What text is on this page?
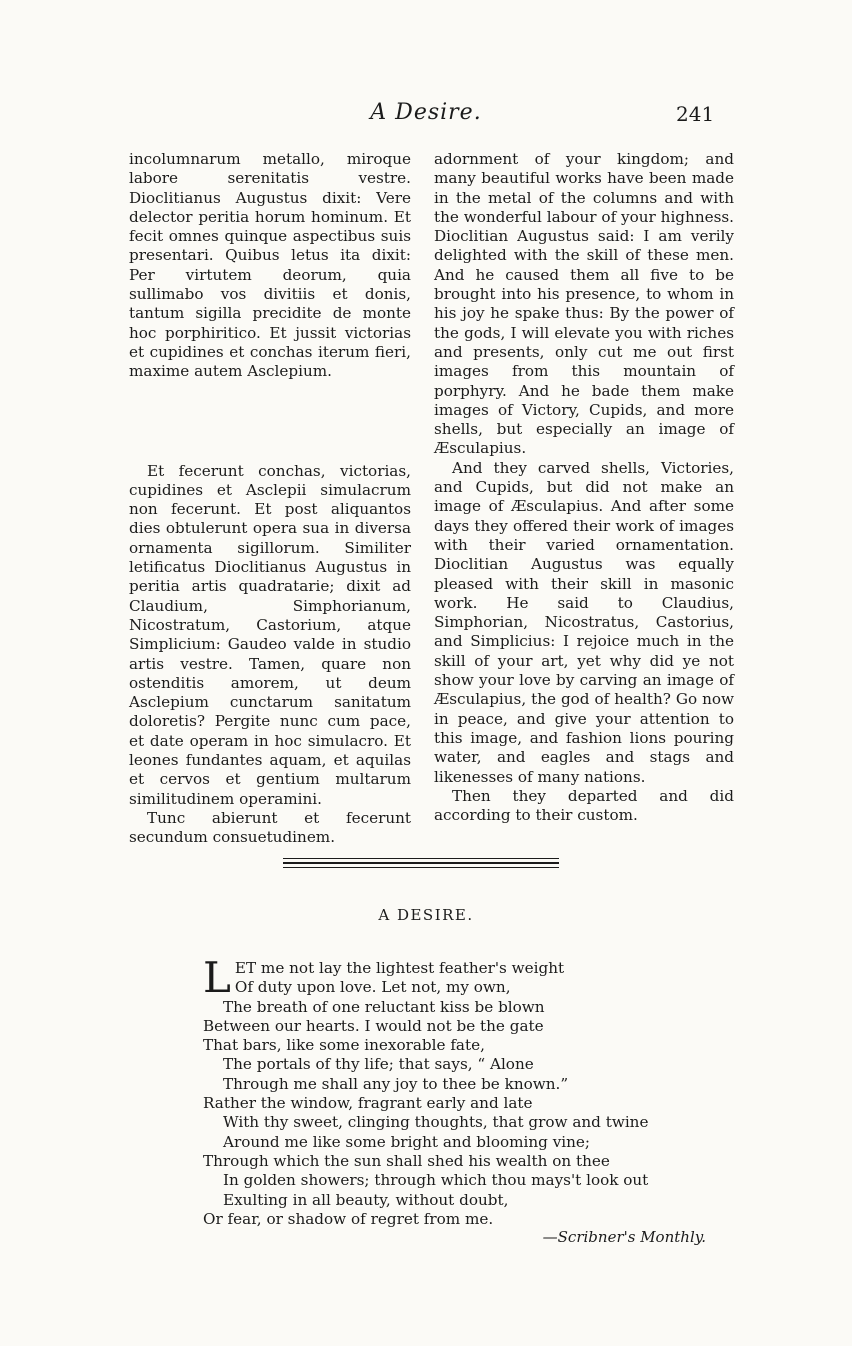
A Desire.	241

incolumnarum metallo, miroque labore serenitatis vestre. Dioclitianus Augustus dixit: Vere delector peritia horum hominum. Et fecit omnes quinque aspectibus suis presentari. Quibus letus ita dixit: Per virtutem deorum, quia sullimabo vos divitiis et donis, tantum sigilla precidite de monte hoc porphiritico. Et jussit victorias et cupidines et conchas iterum fieri, maxime autem Asclepium.

Et fecerunt conchas, victorias, cupidines et Asclepii simulacrum non fecerunt. Et post aliquantos dies obtulerunt opera sua in diversa ornamenta sigillorum. Similiter letificatus Dioclitianus Augustus in peritia artis quadratarie; dixit ad Claudium, Simphorianum, Nicostratum, Castorium, atque Simplicium: Gaudeo valde in studio artis vestre. Tamen, quare non ostenditis amorem, ut deum Asclepium cunctarum sanitatum doloretis? Pergite nunc cum pace, et date operam in hoc simulacro. Et leones fundantes aquam, et aquilas et cervos et gentium multarum similitudinem operamini.

Tunc abierunt et fecerunt secundum consuetudinem.

adornment of your kingdom; and many beautiful works have been made in the metal of the columns and with the wonderful labour of your highness. Dioclitian Augustus said: I am verily delighted with the skill of these men. And he caused them all five to be brought into his presence, to whom in his joy he spake thus: By the power of the gods, I will elevate you with riches and presents, only cut me out first images from this mountain of porphyry. And he bade them make images of Victory, Cupids, and more shells, but especially an image of Æsculapius.

And they carved shells, Victories, and Cupids, but did not make an image of Æsculapius. And after some days they offered their work of images with their varied ornamentation. Dioclitian Augustus was equally pleased with their skill in masonic work. He said to Claudius, Simphorian, Nicostratus, Castorius, and Simplicius: I rejoice much in the skill of your art, yet why did ye not show your love by carving an image of Æsculapius, the god of health? Go now in peace, and give your attention to this image, and fashion lions pouring water, and eagles and stags and likenesses of many nations.

Then they departed and did according to their custom.

A DESIRE.
LET me not lay the lightest feather's weight
Of duty upon love. Let not, my own,
The breath of one reluctant kiss be blown
Between our hearts. I would not be the gate
That bars, like some inexorable fate,
The portals of thy life; that says, “ Alone
Through me shall any joy to thee be known.”
Rather the window, fragrant early and late
With thy sweet, clinging thoughts, that grow and twine
Around me like some bright and blooming vine;
Through which the sun shall shed his wealth on thee
In golden showers; through which thou mays't look out
Exulting in all beauty, without doubt,
Or fear, or shadow of regret from me.
—Scribner's Monthly.
